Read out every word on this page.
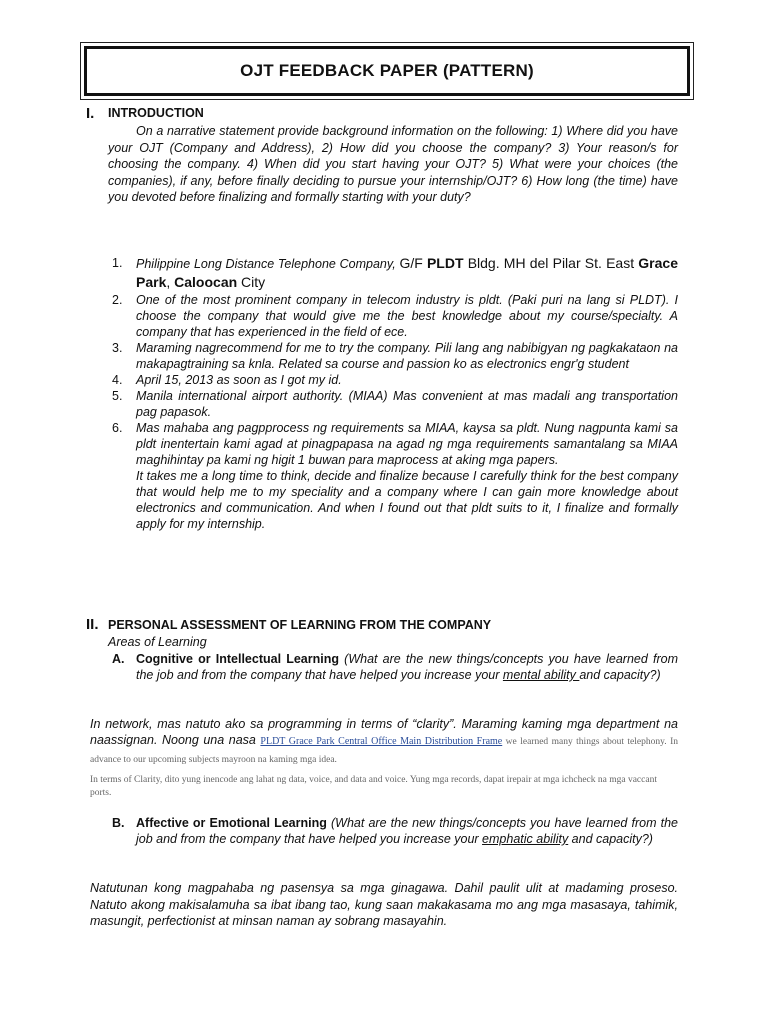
OJT FEEDBACK PAPER (PATTERN)
I. INTRODUCTION
On a narrative statement provide background information on the following: 1) Where did you have your OJT (Company and Address), 2) How did you choose the company? 3) Your reason/s for choosing the company. 4) When did you start having your OJT? 5) What were your choices (the companies), if any, before finally deciding to pursue your internship/OJT? 6) How long (the time) have you devoted before finalizing and formally starting with your duty?
1.	Philippine Long Distance Telephone Company, G/F PLDT Bldg. MH del Pilar St. East Grace Park, Caloocan City
2.	One of the most prominent company in telecom industry is pldt. (Paki puri na lang si PLDT). I choose the company that would give me the best knowledge about my course/specialty. A company that has experienced in the field of ece.
3.	Maraming nagrecommend for me to try the company. Pili lang ang nabibigyan ng pagkakataon na makapagtraining sa knla. Related sa course and passion ko as electronics engr'g student
4.	April 15, 2013 as soon as I got my id.
5.	Manila international airport authority. (MIAA) Mas convenient at mas madali ang transportation pag papasok.
6.	Mas mahaba ang pagpprocess ng requirements sa MIAA, kaysa sa pldt. Nung nagpunta kami sa pldt inentertain kami agad at pinagpapasa na agad ng mga requirements samantalang sa MIAA maghihintay pa kami ng higit 1 buwan para maprocess at aking mga papers.
It takes me a long time to think, decide and finalize because I carefully think for the best company that would help me to my speciality and a company where I can gain more knowledge about electronics and communication. And when I found out that pldt suits to it, I finalize and formally apply for my internship.
II. PERSONAL ASSESSMENT OF LEARNING FROM THE COMPANY
Areas of Learning
A. Cognitive or Intellectual Learning (What are the new things/concepts you have learned from the job and from the company that have helped you increase your mental ability and capacity?)
In network, mas natuto ako sa programming in terms of “clarity”. Maraming kaming mga department na naassignan. Noong una nasa PLDT Grace Park Central Office Main Distribution Frame we learned many things about telephony. In advance to our upcoming subjects mayroon na kaming mga idea.
In terms of Clarity, dito yung inencode ang lahat ng data, voice, and data and voice. Yung mga records, dapat irepair at mga ichcheck na mga vaccant ports.
B. Affective or Emotional Learning (What are the new things/concepts you have learned from the job and from the company that have helped you increase your emphatic ability and capacity?)
Natutunan kong magpahaba ng pasensya sa mga ginagawa. Dahil paulit ulit at madaming proseso. Natuto akong makisalamuha sa ibat ibang tao, kung saan makakasama mo ang mga masasaya, tahimik, masungit, perfectionist at minsan naman ay sobrang masayahin.
